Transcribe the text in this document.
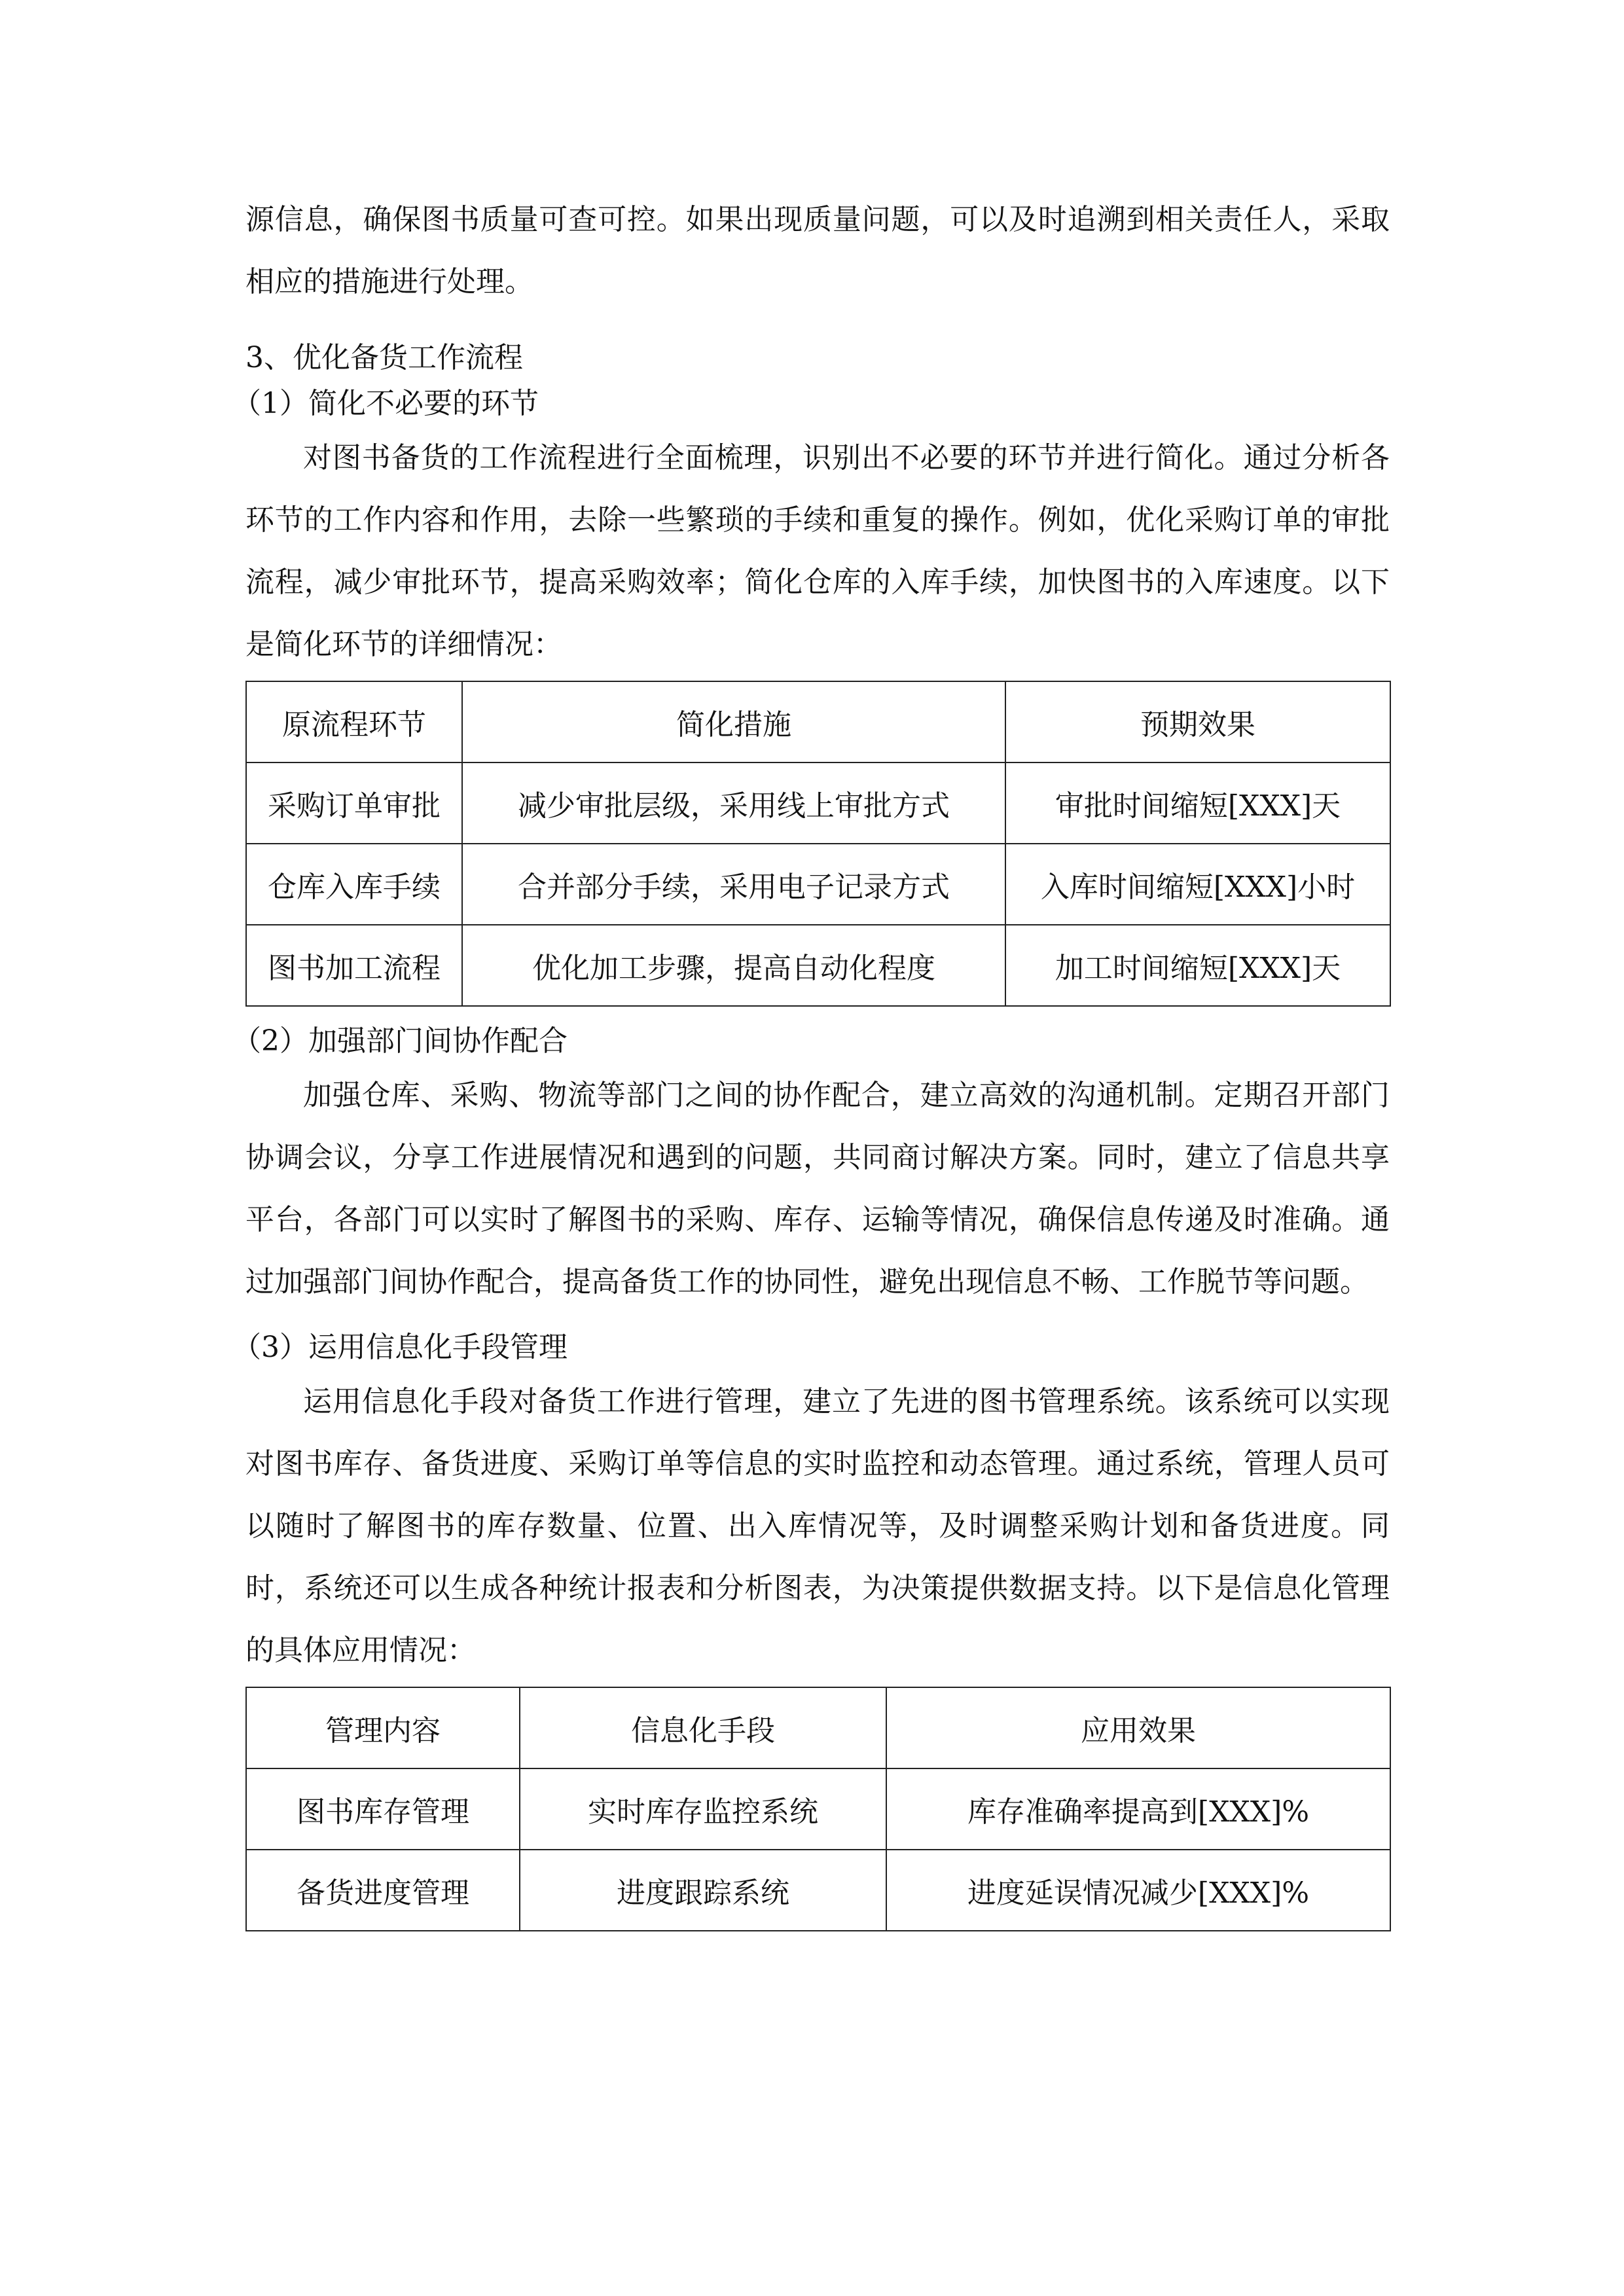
源信息，确保图书质量可查可控。如果出现质量问题，可以及时追溯到相关责任人，采取相应的措施进行处理。

3、优化备货工作流程

（1）简化不必要的环节

对图书备货的工作流程进行全面梳理，识别出不必要的环节并进行简化。通过分析各环节的工作内容和作用，去除一些繁琐的手续和重复的操作。例如，优化采购订单的审批流程，减少审批环节，提高采购效率；简化仓库的入库手续，加快图书的入库速度。以下是简化环节的详细情况：

原流程环节	简化措施	预期效果
采购订单审批	减少审批层级，采用线上审批方式	审批时间缩短[XXX]天
仓库入库手续	合并部分手续，采用电子记录方式	入库时间缩短[XXX]小时
图书加工流程	优化加工步骤，提高自动化程度	加工时间缩短[XXX]天

（2）加强部门间协作配合

加强仓库、采购、物流等部门之间的协作配合，建立高效的沟通机制。定期召开部门协调会议，分享工作进展情况和遇到的问题，共同商讨解决方案。同时，建立了信息共享平台，各部门可以实时了解图书的采购、库存、运输等情况，确保信息传递及时准确。通过加强部门间协作配合，提高备货工作的协同性，避免出现信息不畅、工作脱节等问题。

（3）运用信息化手段管理

运用信息化手段对备货工作进行管理，建立了先进的图书管理系统。该系统可以实现对图书库存、备货进度、采购订单等信息的实时监控和动态管理。通过系统，管理人员可以随时了解图书的库存数量、位置、出入库情况等，及时调整采购计划和备货进度。同时，系统还可以生成各种统计报表和分析图表，为决策提供数据支持。以下是信息化管理的具体应用情况：

管理内容	信息化手段	应用效果
图书库存管理	实时库存监控系统	库存准确率提高到[XXX]%
备货进度管理	进度跟踪系统	进度延误情况减少[XXX]%
